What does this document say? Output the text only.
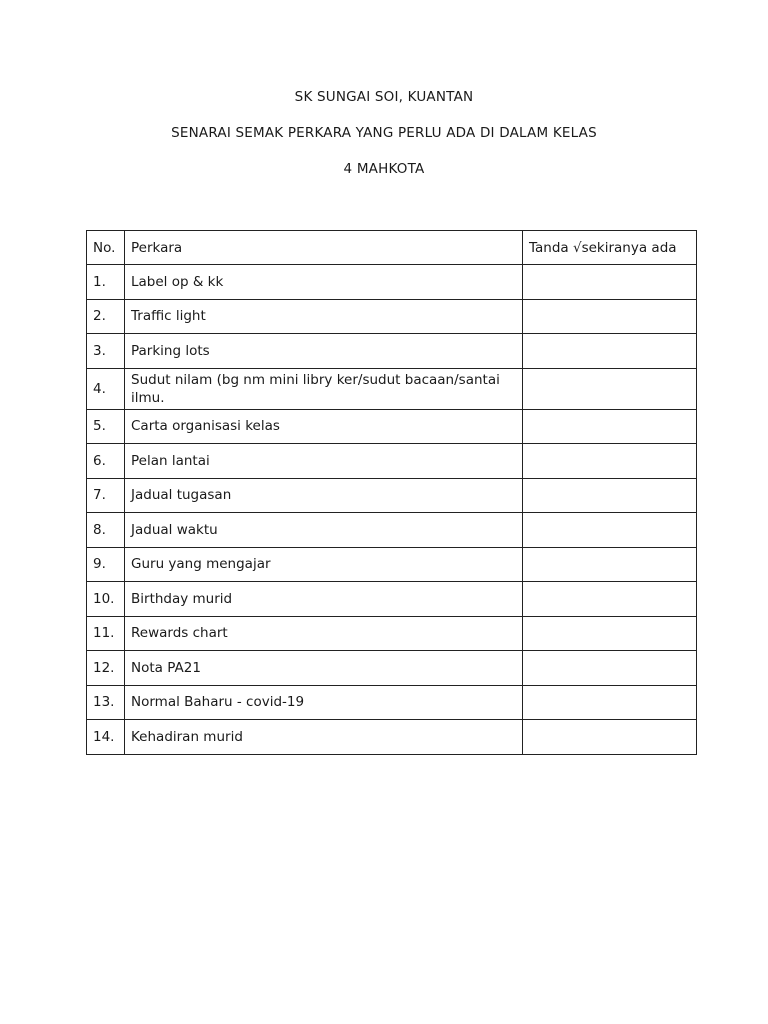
SK SUNGAI SOI, KUANTAN
SENARAI SEMAK PERKARA YANG PERLU ADA DI DALAM KELAS
4 MAHKOTA
No.	Perkara	Tanda √sekiranya ada
1.	Label op & kk	
2.	Traffic light	
3.	Parking lots	
4.	Sudut nilam (bg nm mini libry ker/sudut bacaan/santai ilmu.	
5.	Carta organisasi kelas	
6.	Pelan lantai	
7.	Jadual tugasan	
8.	Jadual waktu	
9.	Guru yang mengajar	
10.	Birthday murid	
11.	Rewards chart	
12.	Nota PA21	
13.	Normal Baharu - covid-19	
14.	Kehadiran murid	
